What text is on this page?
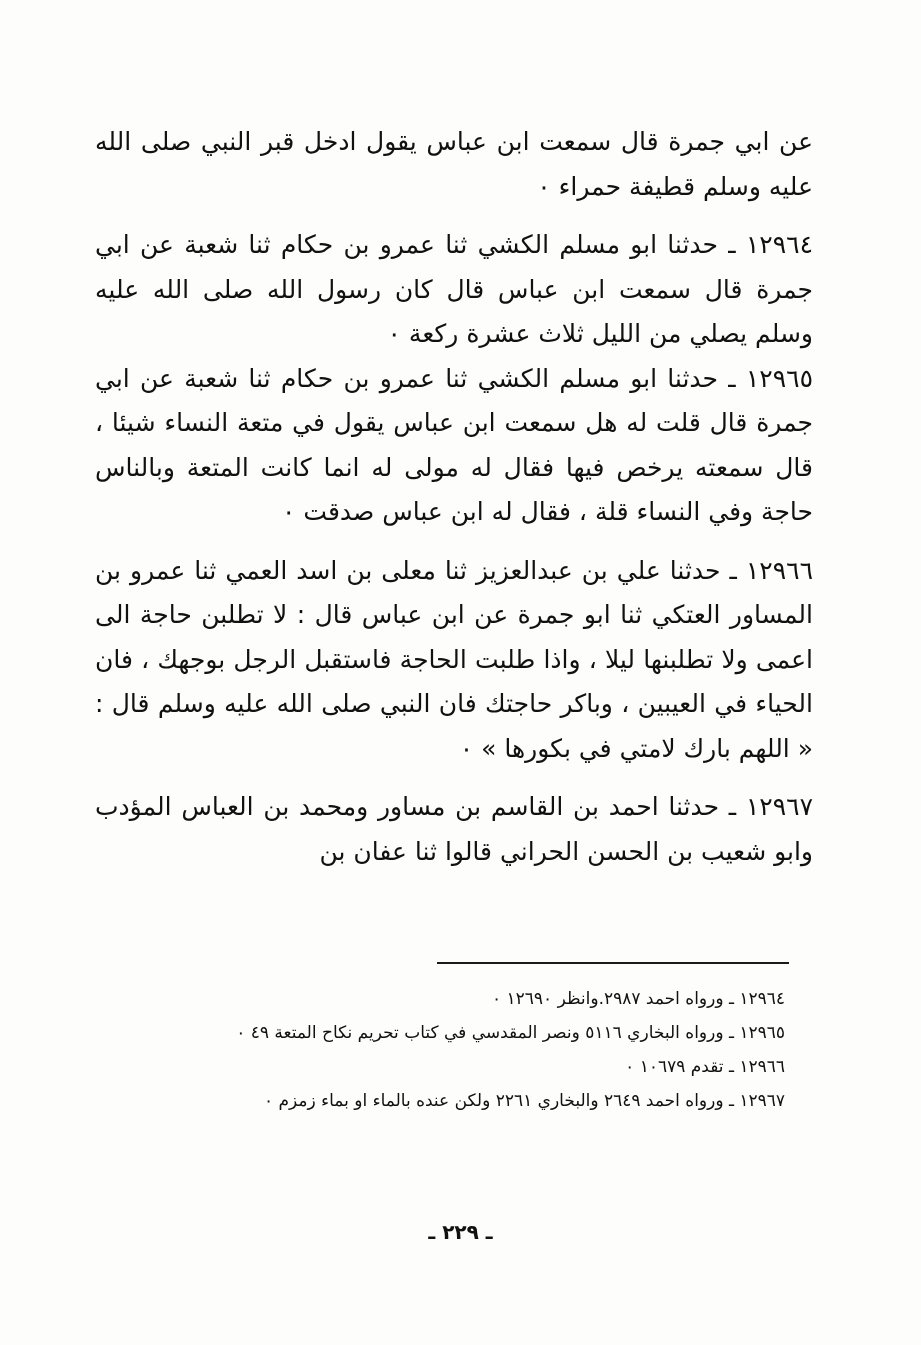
عن ابي جمرة قال سمعت ابن عباس يقول ادخل قبر النبي صلى الله عليه وسلم قطيفة حمراء ٠

١٢٩٦٤ ـ حدثنا ابو مسلم الكشي ثنا عمرو بن حكام ثنا شعبة عن ابي جمرة قال سمعت ابن عباس قال كان رسول الله صلى الله عليه وسلم يصلي من الليل ثلاث عشرة ركعة ٠

١٢٩٦٥ ـ حدثنا ابو مسلم الكشي ثنا عمرو بن حكام ثنا شعبة عن ابي جمرة قال قلت له هل سمعت ابن عباس يقول في متعة النساء شيئا ، قال سمعته يرخص فيها فقال له مولى له انما كانت المتعة وبالناس حاجة وفي النساء قلة ، فقال له ابن عباس صدقت ٠

١٢٩٦٦ ـ حدثنا علي بن عبدالعزيز ثنا معلى بن اسد العمي ثنا عمرو بن المساور العتكي ثنا ابو جمرة عن ابن عباس قال : لا تطلبن حاجة الى اعمى ولا تطلبنها ليلا ، واذا طلبت الحاجة فاستقبل الرجل بوجهك ، فان الحياء في العيبين ، وباكر حاجتك فان النبي صلى الله عليه وسلم قال : « اللهم بارك لامتي في بكورها » ٠

١٢٩٦٧ ـ حدثنا احمد بن القاسم بن مساور ومحمد بن العباس المؤدب وابو شعيب بن الحسن الحراني قالوا ثنا عفان بن

١٢٩٦٤ ـ ورواه احمد ٢٩٨٧.وانظر ١٢٦٩٠ ٠

١٢٩٦٥ ـ ورواه البخاري ٥١١٦ ونصر المقدسي في كتاب تحريم نكاح المتعة ٤٩ ٠

١٢٩٦٦ ـ تقدم ١٠٦٧٩ ٠

١٢٩٦٧ ـ ورواه احمد ٢٦٤٩ والبخاري ٢٢٦١ ولكن عنده بالماء او بماء زمزم ٠

ـ ٢٢٩ ـ
